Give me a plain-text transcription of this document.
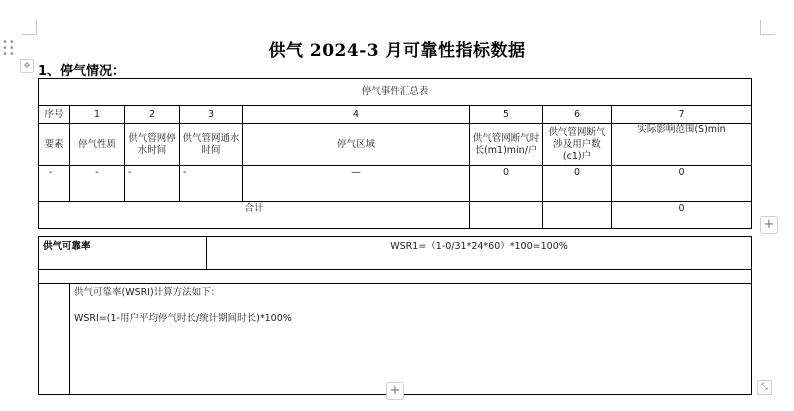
•• •• ••
✥
供气 2024-3 月可靠性指标数据
1、停气情况：
停气事件汇总表							
序号	1	2	3	4	5	6	7
要素	停气性质	供气管网停水时间	供气管网通水时间	停气区域	供气管网断气时长(m1)min/户	供气管网断气涉及用户数(c1)户	实际影响范围(S)min
-	-	-	-	—	0	0	0
合计							0
供气可靠率		WSR1=（1-0/31*24*60）*100=100%

	供气可靠率(WSRI)计算方法如下：

WSRI=(1-用户平均停气时长/统计期间时长)*100%	

+
+	⤡
